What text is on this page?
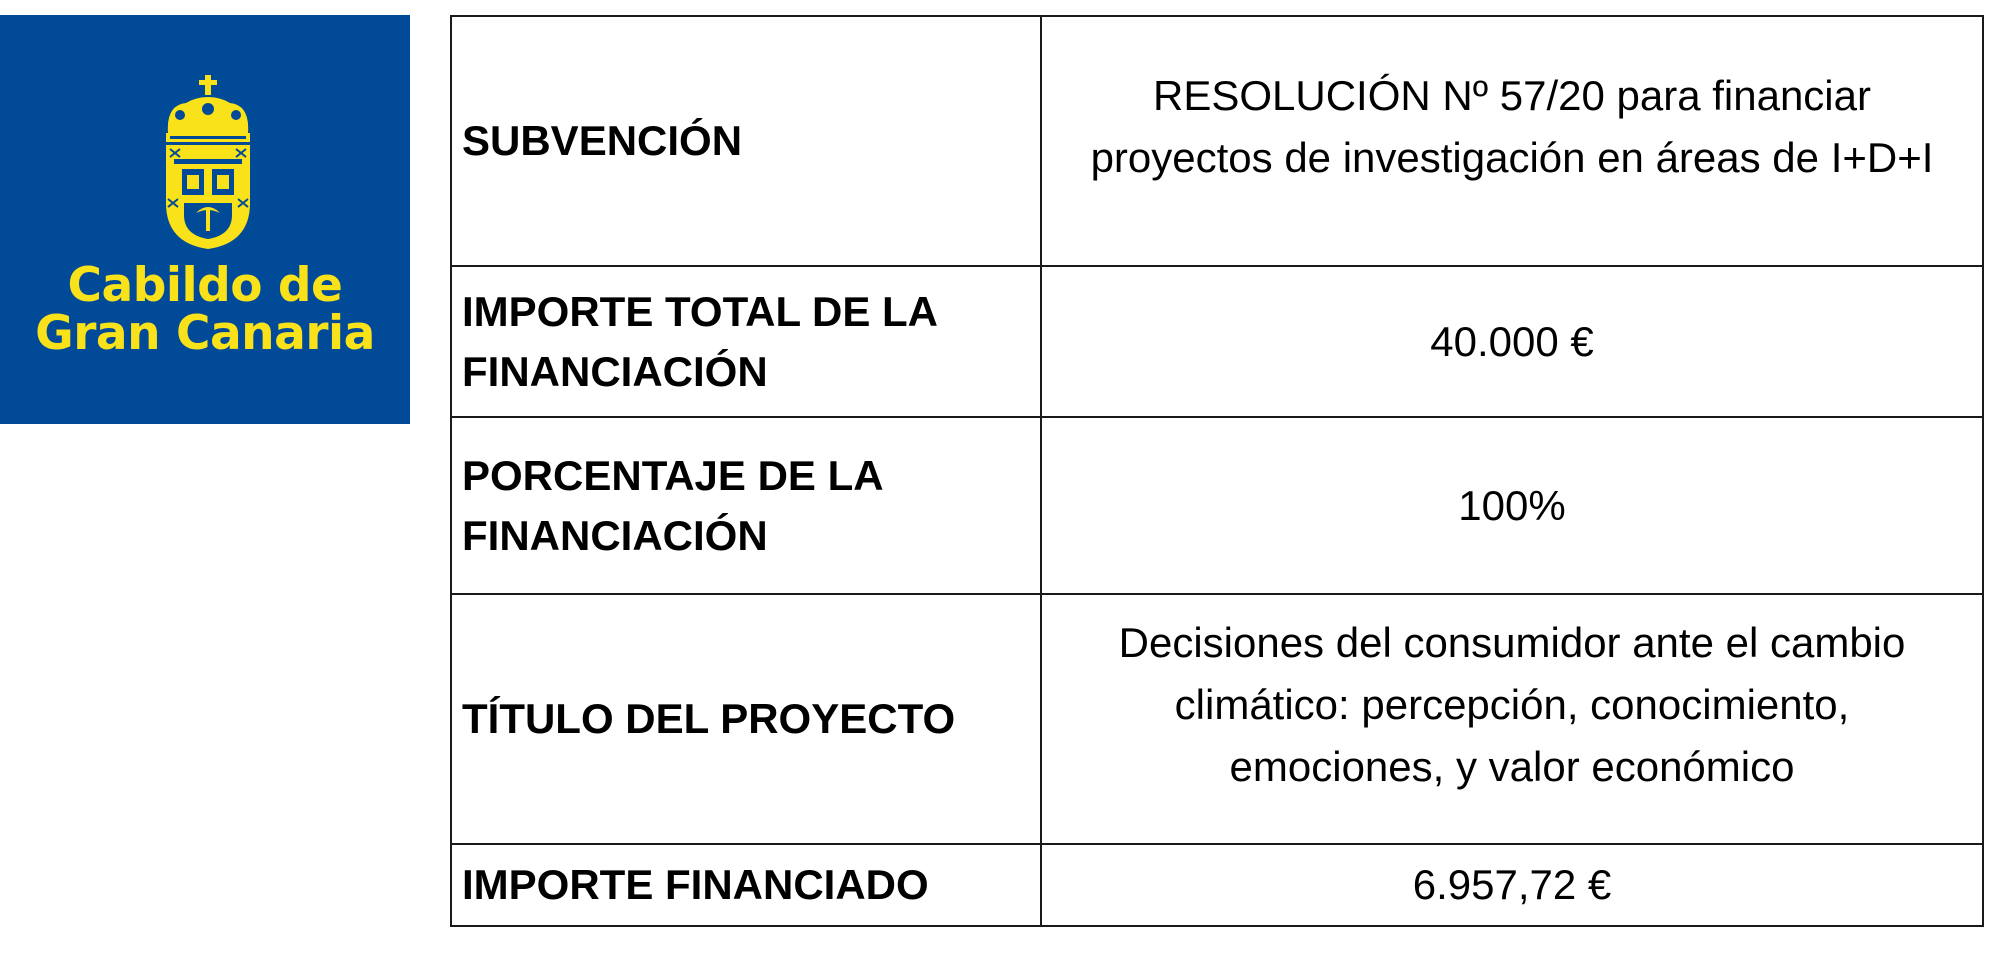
Cabildo de
Gran Canaria
SUBVENCIÓN	RESOLUCIÓN Nº 57/20 para financiar
proyectos de investigación en áreas de I+D+I

IMPORTE TOTAL DE LA
FINANCIACIÓN	40.000 €

PORCENTAJE DE LA
FINANCIACIÓN	100%
TÍTULO DEL PROYECTO	Decisiones del consumidor ante el cambio
climático: percepción, conocimiento,
emociones, y valor económico

IMPORTE FINANCIADO	6.957,72 €
